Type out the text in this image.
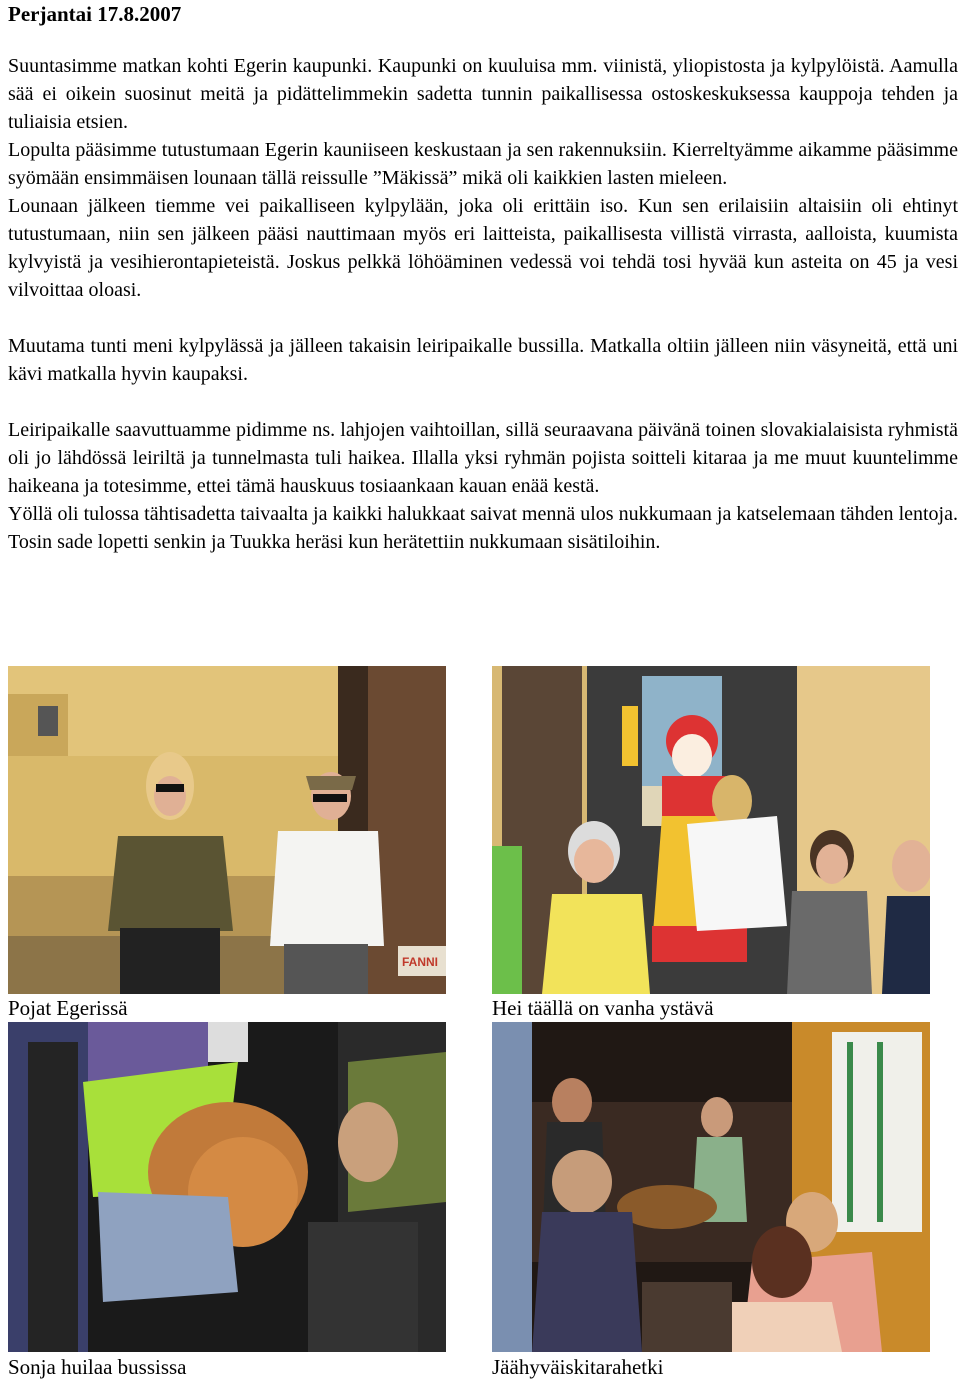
Perjantai 17.8.2007

Suuntasimme matkan kohti Egerin kaupunki. Kaupunki on kuuluisa mm. viinistä, yliopistosta ja kylpylöistä. Aamulla sää ei oikein suosinut meitä ja pidättelimmekin sadetta tunnin paikallisessa ostoskeskuksessa kauppoja tehden ja tuliaisia etsien.

Lopulta pääsimme tutustumaan Egerin kauniiseen keskustaan ja sen rakennuksiin. Kierreltyämme aikamme pääsimme syömään ensimmäisen lounaan tällä reissulle ”Mäkissä” mikä oli kaikkien lasten mieleen.

Lounaan jälkeen tiemme vei paikalliseen kylpylään, joka oli erittäin iso. Kun sen erilaisiin altaisiin oli ehtinyt tutustumaan, niin sen jälkeen pääsi nauttimaan myös eri laitteista, paikallisesta villistä virrasta, aalloista, kuumista kylvyistä ja vesihierontapieteistä. Joskus pelkkä löhöäminen vedessä voi tehdä tosi hyvää kun asteita on 45 ja vesi vilvoittaa oloasi.

Muutama tunti meni kylpylässä ja jälleen takaisin leiripaikalle bussilla. Matkalla oltiin jälleen niin väsyneitä, että uni kävi matkalla hyvin kaupaksi.

Leiripaikalle saavuttuamme pidimme ns. lahjojen vaihtoillan, sillä seuraavana päivänä toinen slovakialaisista ryhmistä oli jo lähdössä leiriltä ja tunnelmasta tuli haikea. Illalla yksi ryhmän pojista soitteli kitaraa ja me muut kuuntelimme haikeana ja totesimme, ettei tämä hauskuus tosiaankaan kauan enää kestä.

Yöllä oli tulossa tähtisadetta taivaalta ja kaikki halukkaat saivat mennä ulos nukkumaan ja katselemaan tähden lentoja. Tosin sade lopetti senkin ja Tuukka heräsi kun herätettiin nukkumaan sisätiloihin.

FANNI
Pojat Egerissä	Hei täällä on vanha ystävä
Sonja huilaa bussissa	Jäähyväiskitarahetki
